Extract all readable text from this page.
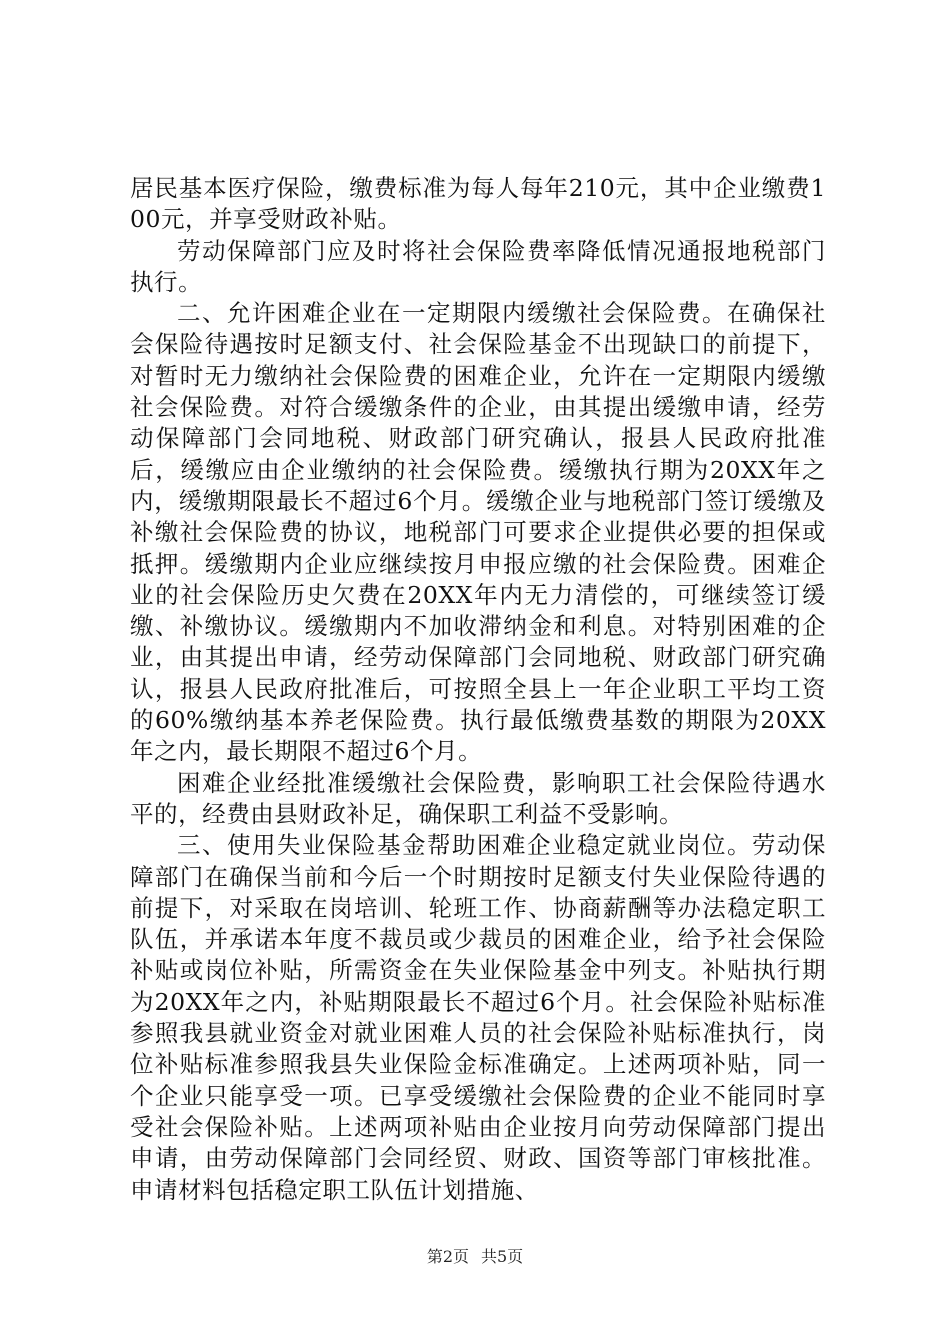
居民基本医疗保险，缴费标准为每人每年210元，其中企业缴费100元，并享受财政补贴。

劳动保障部门应及时将社会保险费率降低情况通报地税部门执行。

二、允许困难企业在一定期限内缓缴社会保险费。在确保社会保险待遇按时足额支付、社会保险基金不出现缺口的前提下，对暂时无力缴纳社会保险费的困难企业，允许在一定期限内缓缴社会保险费。对符合缓缴条件的企业，由其提出缓缴申请，经劳动保障部门会同地税、财政部门研究确认，报县人民政府批准后，缓缴应由企业缴纳的社会保险费。缓缴执行期为20XX年之内，缓缴期限最长不超过6个月。缓缴企业与地税部门签订缓缴及补缴社会保险费的协议，地税部门可要求企业提供必要的担保或抵押。缓缴期内企业应继续按月申报应缴的社会保险费。困难企业的社会保险历史欠费在20XX年内无力清偿的，可继续签订缓缴、补缴协议。缓缴期内不加收滞纳金和利息。对特别困难的企业，由其提出申请，经劳动保障部门会同地税、财政部门研究确认，报县人民政府批准后，可按照全县上一年企业职工平均工资的60%缴纳基本养老保险费。执行最低缴费基数的期限为20XX年之内，最长期限不超过6个月。

困难企业经批准缓缴社会保险费，影响职工社会保险待遇水平的，经费由县财政补足，确保职工利益不受影响。

三、使用失业保险基金帮助困难企业稳定就业岗位。劳动保障部门在确保当前和今后一个时期按时足额支付失业保险待遇的前提下，对采取在岗培训、轮班工作、协商薪酬等办法稳定职工队伍，并承诺本年度不裁员或少裁员的困难企业，给予社会保险补贴或岗位补贴，所需资金在失业保险基金中列支。补贴执行期为20XX年之内，补贴期限最长不超过6个月。社会保险补贴标准参照我县就业资金对就业困难人员的社会保险补贴标准执行，岗位补贴标准参照我县失业保险金标准确定。上述两项补贴，同一个企业只能享受一项。已享受缓缴社会保险费的企业不能同时享受社会保险补贴。上述两项补贴由企业按月向劳动保障部门提出申请，由劳动保障部门会同经贸、财政、国资等部门审核批准。申请材料包括稳定职工队伍计划措施、

第2页 共5页
